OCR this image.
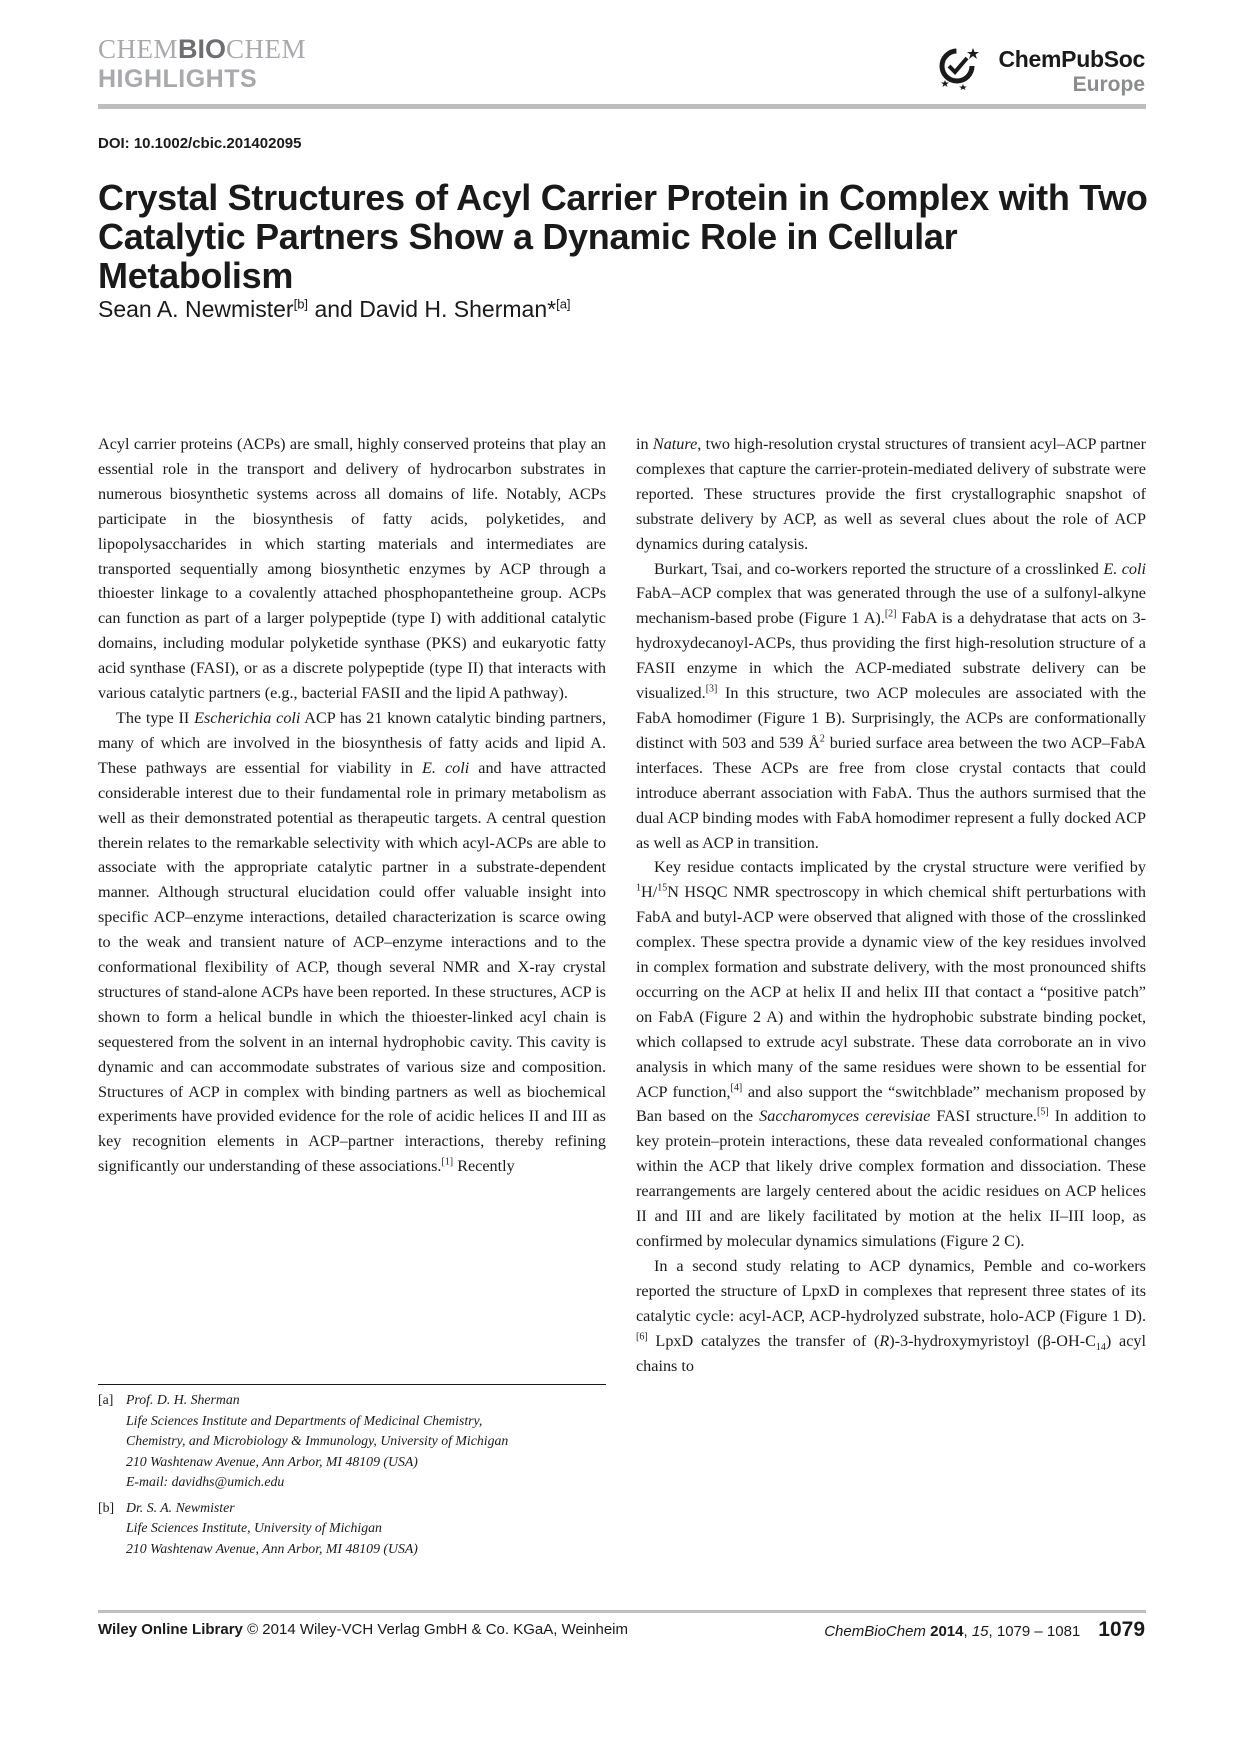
CHEMBIOCHEM
HIGHLIGHTS
ChemPubSoc
Europe
DOI: 10.1002/cbic.201402095
Crystal Structures of Acyl Carrier Protein in Complex with Two Catalytic Partners Show a Dynamic Role in Cellular Metabolism
Sean A. Newmister[b] and David H. Sherman*[a]

Acyl carrier proteins (ACPs) are small, highly conserved proteins that play an essential role in the transport and delivery of hydrocarbon substrates in numerous biosynthetic systems across all domains of life. Notably, ACPs participate in the biosynthesis of fatty acids, polyketides, and lipopolysaccharides in which starting materials and intermediates are transported sequentially among biosynthetic enzymes by ACP through a thioester linkage to a covalently attached phosphopantetheine group. ACPs can function as part of a larger polypeptide (type I) with additional catalytic domains, including modular polyketide synthase (PKS) and eukaryotic fatty acid synthase (FASI), or as a discrete polypeptide (type II) that interacts with various catalytic partners (e.g., bacterial FASII and the lipid A pathway).

The type II Escherichia coli ACP has 21 known catalytic binding partners, many of which are involved in the biosynthesis of fatty acids and lipid A. These pathways are essential for viability in E. coli and have attracted considerable interest due to their fundamental role in primary metabolism as well as their demonstrated potential as therapeutic targets. A central question therein relates to the remarkable selectivity with which acyl-ACPs are able to associate with the appropriate catalytic partner in a substrate-dependent manner. Although structural elucidation could offer valuable insight into specific ACP–enzyme interactions, detailed characterization is scarce owing to the weak and transient nature of ACP–enzyme interactions and to the conformational flexibility of ACP, though several NMR and X-ray crystal structures of stand-alone ACPs have been reported. In these structures, ACP is shown to form a helical bundle in which the thioester-linked acyl chain is sequestered from the solvent in an internal hydrophobic cavity. This cavity is dynamic and can accommodate substrates of various size and composition. Structures of ACP in complex with binding partners as well as biochemical experiments have provided evidence for the role of acidic helices II and III as key recognition elements in ACP–partner interactions, thereby refining significantly our understanding of these associations.[1] Recently

in Nature, two high-resolution crystal structures of transient acyl–ACP partner complexes that capture the carrier-protein-mediated delivery of substrate were reported. These structures provide the first crystallographic snapshot of substrate delivery by ACP, as well as several clues about the role of ACP dynamics during catalysis.

Burkart, Tsai, and co-workers reported the structure of a crosslinked E. coli FabA–ACP complex that was generated through the use of a sulfonyl-alkyne mechanism-based probe (Figure 1 A).[2] FabA is a dehydratase that acts on 3-hydroxydecanoyl-ACPs, thus providing the first high-resolution structure of a FASII enzyme in which the ACP-mediated substrate delivery can be visualized.[3] In this structure, two ACP molecules are associated with the FabA homodimer (Figure 1 B). Surprisingly, the ACPs are conformationally distinct with 503 and 539 $Å^2$ buried surface area between the two ACP–FabA interfaces. These ACPs are free from close crystal contacts that could introduce aberrant association with FabA. Thus the authors surmised that the dual ACP binding modes with FabA homodimer represent a fully docked ACP as well as ACP in transition.

Key residue contacts implicated by the crystal structure were verified by $^1$H/$^{15}$N HSQC NMR spectroscopy in which chemical shift perturbations with FabA and butyl-ACP were observed that aligned with those of the crosslinked complex. These spectra provide a dynamic view of the key residues involved in complex formation and substrate delivery, with the most pronounced shifts occurring on the ACP at helix II and helix III that contact a “positive patch” on FabA (Figure 2 A) and within the hydrophobic substrate binding pocket, which collapsed to extrude acyl substrate. These data corroborate an in vivo analysis in which many of the same residues were shown to be essential for ACP function,[4] and also support the “switchblade” mechanism proposed by Ban based on the Saccharomyces cerevisiae FASI structure.[5] In addition to key protein–protein interactions, these data revealed conformational changes within the ACP that likely drive complex formation and dissociation. These rearrangements are largely centered about the acidic residues on ACP helices II and III and are likely facilitated by motion at the helix II–III loop, as confirmed by molecular dynamics simulations (Figure 2 C).

In a second study relating to ACP dynamics, Pemble and co-workers reported the structure of LpxD in complexes that represent three states of its catalytic cycle: acyl-ACP, ACP-hydrolyzed substrate, holo-ACP (Figure 1 D).[6] LpxD catalyzes the transfer of (R)-3-hydroxymyristoyl $(\beta-OH-C_{14})$ acyl chains to

[a] Prof. D. H. Sherman
Life Sciences Institute and Departments of Medicinal Chemistry,
Chemistry, and Microbiology & Immunology, University of Michigan
210 Washtenaw Avenue, Ann Arbor, MI 48109 (USA)
E-mail: davidhs@umich.edu
[b] Dr. S. A. Newmister
Life Sciences Institute, University of Michigan
210 Washtenaw Avenue, Ann Arbor, MI 48109 (USA)
Wiley Online Library © 2014 Wiley-VCH Verlag GmbH & Co. KGaA, Weinheim	ChemBioChem 2014, 15, 1079 – 1081 1079
